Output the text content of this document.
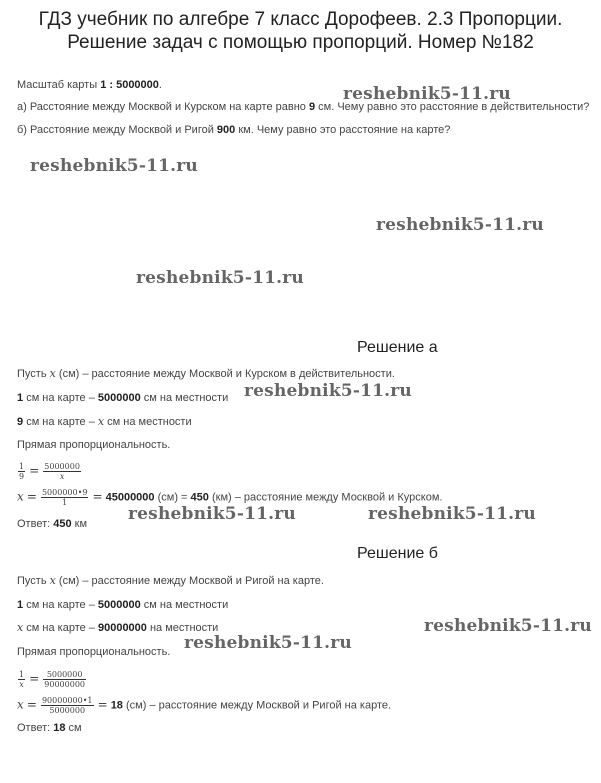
ГДЗ учебник по алгебре 7 класс Дорофеев. 2.3 Пропорции.
Решение задач с помощью пропорций. Номер №182
Масштаб карты 1 : 5000000.
а) Расстояние между Москвой и Курском на карте равно 9 см. Чему равно это расстояние в действительности?
б) Расстояние между Москвой и Ригой 900 км. Чему равно это расстояние на карте?
reshebnik5-11.ru
reshebnik5-11.ru
reshebnik5-11.ru
reshebnik5-11.ru
reshebnik5-11.ru
reshebnik5-11.ru	reshebnik5-11.ru
reshebnik5-11.ru
reshebnik5-11.ru
Решение а
Пусть x (см) – расстояние между Москвой и Курском в действительности.
1 см на карте – 5000000 см на местности
9 см на карте – x см на местности
Прямая пропорциональность.
$\frac{1}{9} = \frac{5000000}{x}$
$x = \frac{5000000•9}{1} = 45000000$ (см) = 450 (км) – расстояние между Москвой и Курском.
Ответ: 450 км
Решение б
Пусть x (см) – расстояние между Москвой и Ригой на карте.
1 см на карте – 5000000 см на местности
x см на карте – 90000000 на местности
Прямая пропорциональность.
$\frac{1}{x} = \frac{5000000}{90000000}$
$x = \frac{90000000•1}{5000000} = 18$ (см) – расстояние между Москвой и Ригой на карте.
Ответ: 18 см
